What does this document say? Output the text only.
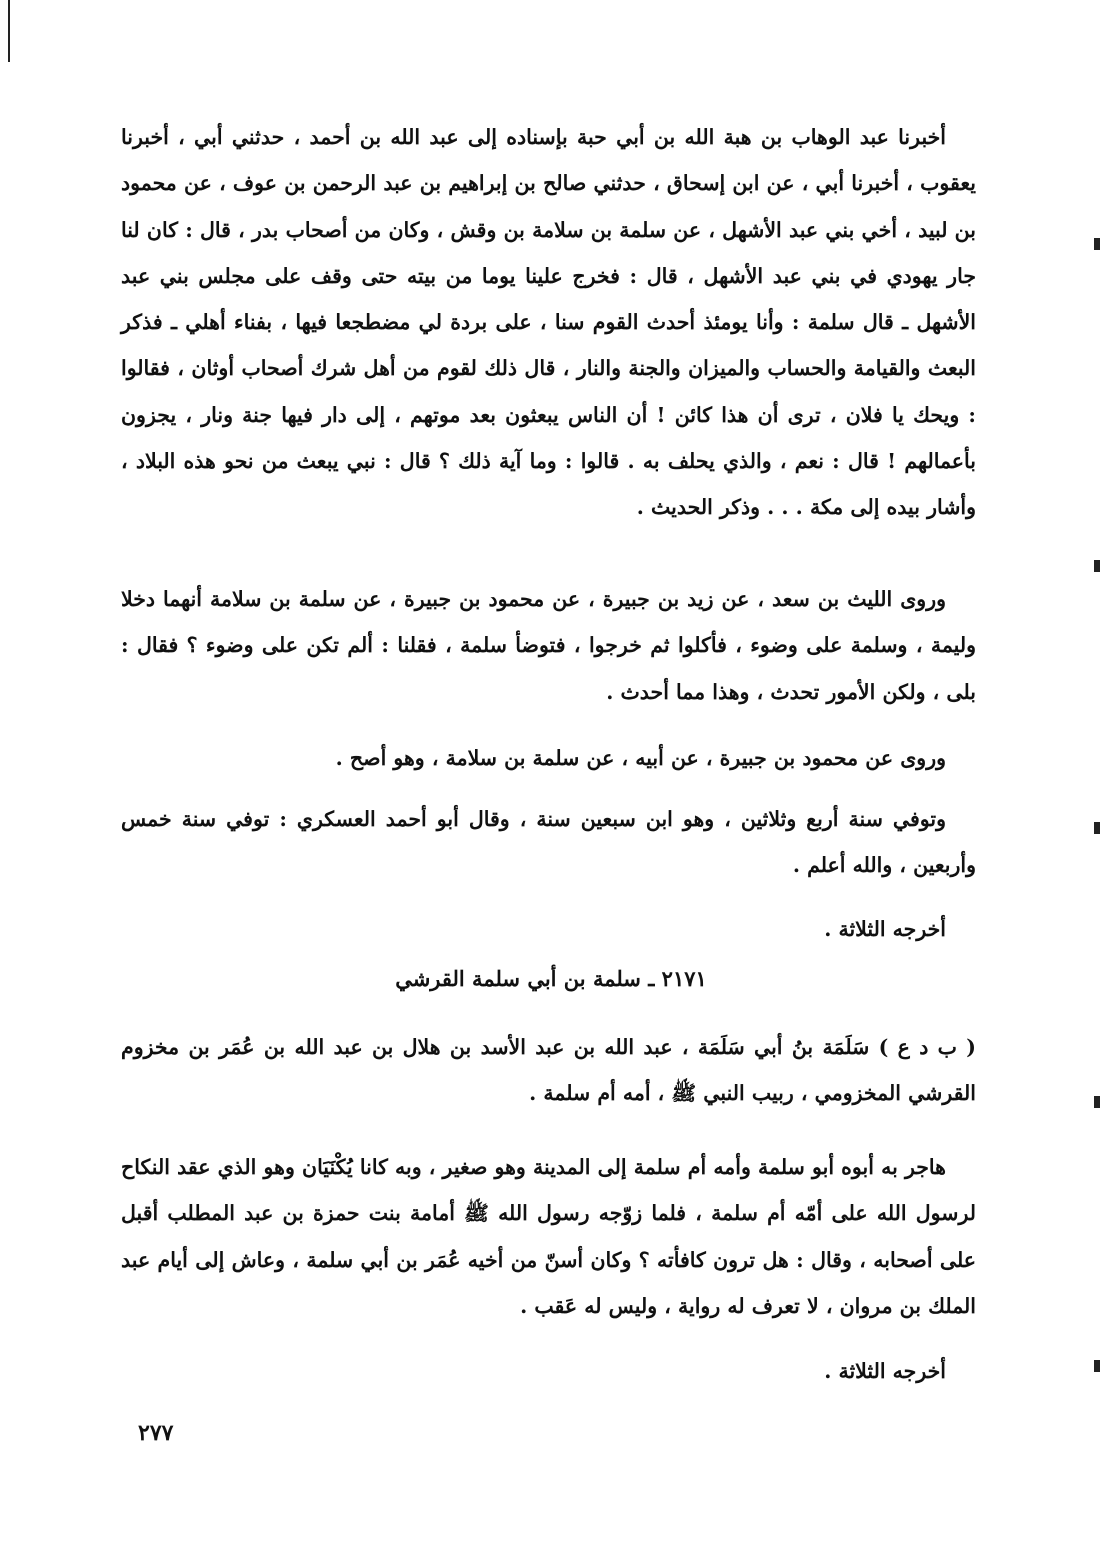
أخبرنا عبد الوهاب بن هبة الله بن أبي حبة بإسناده إلى عبد الله بن أحمد ، حدثني أبي ، أخبرنا يعقوب ، أخبرنا أبي ، عن ابن إسحاق ، حدثني صالح بن إبراهيم بن عبد الرحمن بن عوف ، عن محمود بن لبيد ، أخي بني عبد الأشهل ، عن سلمة بن سلامة بن وقش ، وكان من أصحاب بدر ، قال : كان لنا جار يهودي في بني عبد الأشهل ، قال : فخرج علينا يوما من بيته حتى وقف على مجلس بني عبد الأشهل ـ قال سلمة : وأنا يومئذ أحدث القوم سنا ، على بردة لي مضطجعا فيها ، بفناء أهلي ـ فذكر البعث والقيامة والحساب والميزان والجنة والنار ، قال ذلك لقوم من أهل شرك أصحاب أوثان ، فقالوا : ويحك يا فلان ، ترى أن هذا كائن ! أن الناس يبعثون بعد موتهم ، إلى دار فيها جنة ونار ، يجزون بأعمالهم ! قال : نعم ، والذي يحلف به . قالوا : وما آية ذلك ؟ قال : نبي يبعث من نحو هذه البلاد ، وأشار بيده إلى مكة . . . وذكر الحديث .

وروى الليث بن سعد ، عن زيد بن جبيرة ، عن محمود بن جبيرة ، عن سلمة بن سلامة أنهما دخلا وليمة ، وسلمة على وضوء ، فأكلوا ثم خرجوا ، فتوضأ سلمة ، فقلنا : ألم تكن على وضوء ؟ فقال : بلى ، ولكن الأمور تحدث ، وهذا مما أحدث .

وروى عن محمود بن جبيرة ، عن أبيه ، عن سلمة بن سلامة ، وهو أصح .

وتوفي سنة أربع وثلاثين ، وهو ابن سبعين سنة ، وقال أبو أحمد العسكري : توفي سنة خمس وأربعين ، والله أعلم .

أخرجه الثلاثة .

٢١٧١ ـ سلمة بن أبي سلمة القرشي

( ب د ع ) سَلَمَة بنُ أبي سَلَمَة ، عبد الله بن عبد الأسد بن هلال بن عبد الله بن عُمَر بن مخزوم القرشي المخزومي ، ربيب النبي ﷺ ، أمه أم سلمة .

هاجر به أبوه أبو سلمة وأمه أم سلمة إلى المدينة وهو صغير ، وبه كانا يُكْنَيَان وهو الذي عقد النكاح لرسول الله على أمّه أم سلمة ، فلما زوّجه رسول الله ﷺ أمامة بنت حمزة بن عبد المطلب أقبل على أصحابه ، وقال : هل ترون كافأته ؟ وكان أسنّ من أخيه عُمَر بن أبي سلمة ، وعاش إلى أيام عبد الملك بن مروان ، لا تعرف له رواية ، وليس له عَقب .

أخرجه الثلاثة .

٢٧٧
